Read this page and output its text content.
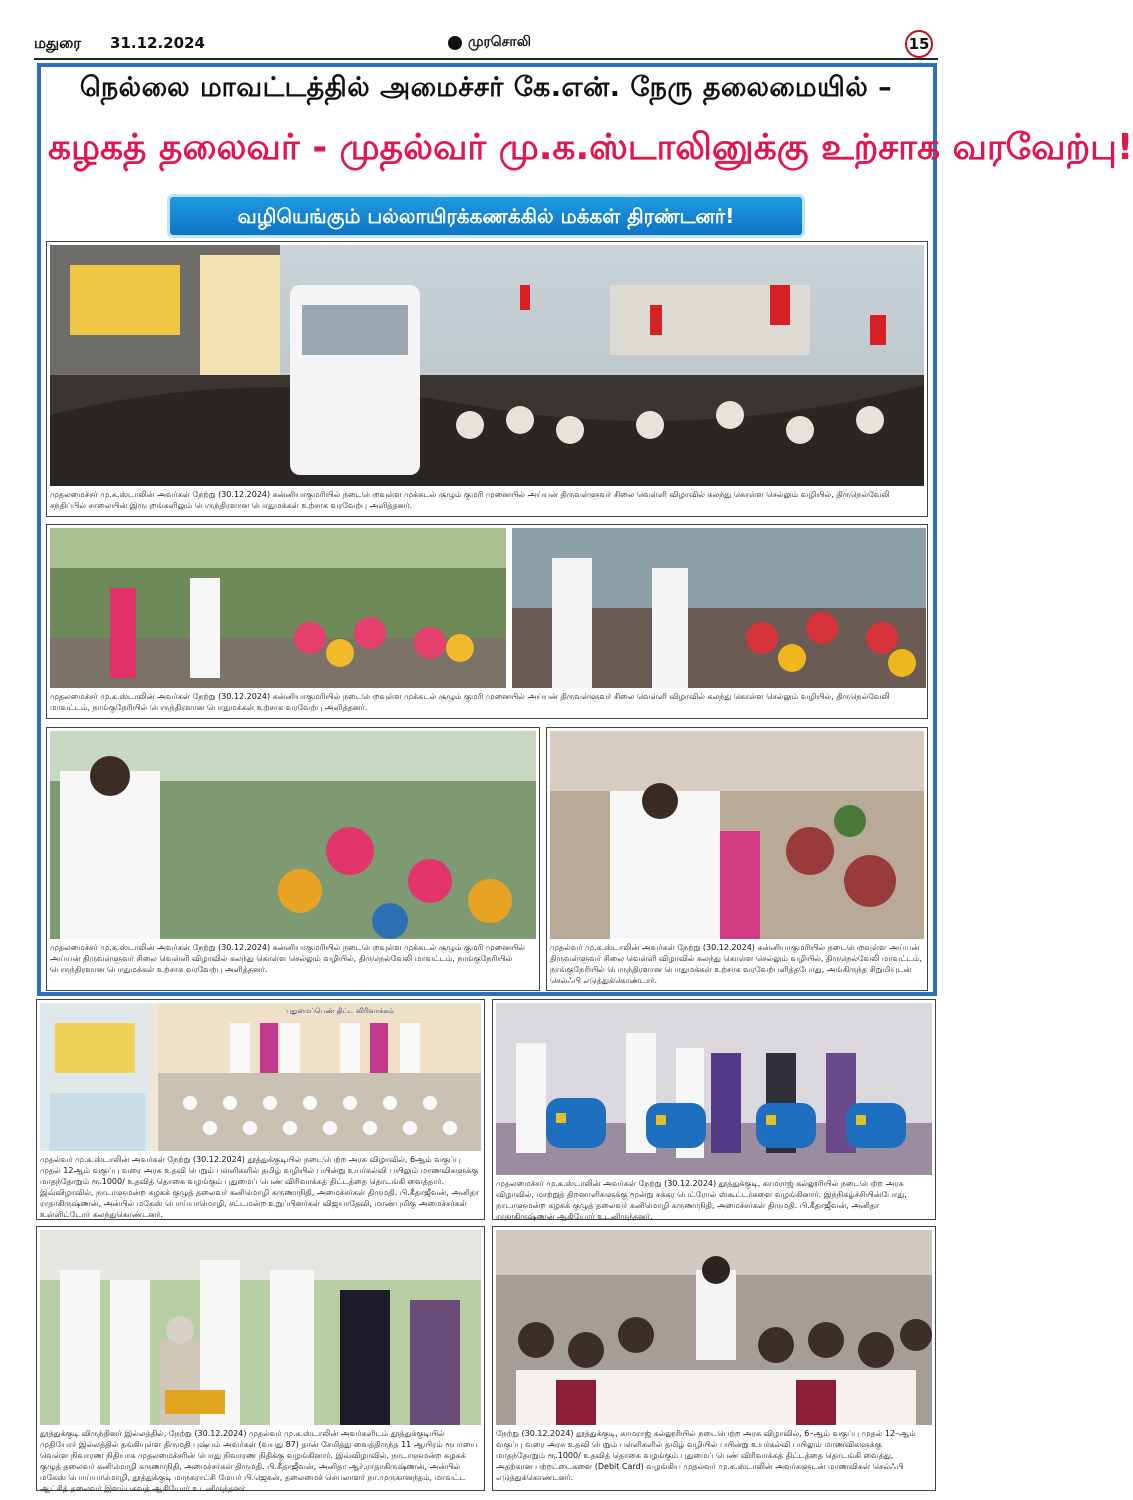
மதுரை 31.12.2024	முரசொலி	15
நெல்லை மாவட்டத்தில் அமைச்சர் கே.என். நேரு தலைமையில் –
கழகத் தலைவர் - முதல்வர் மு.க.ஸ்டாலினுக்கு உற்சாக வரவேற்பு!
வழியெங்கும் பல்லாயிரக்கணக்கில் மக்கள் திரண்டனர்!
முதலமைச்சர் மு.க.ஸ்டாலின் அவர்கள் நேற்று (30.12.2024) கன்னியாகுமரியில் நடைபெறவுள்ள முக்கடல் சூழும் குமரி முனையில் அய்யன் திருவள்ளுவர் சிலை வெள்ளி விழாவில் கலந்து கொள்ள செல்லும் வழியில், திருநெல்வேலி சந்திப்பில் சாலையின் இருபுறங்களிலும் பெருந்திரளான பொதுமக்கள் உற்சாக வரவேற்பு அளித்தனர்.
முதலமைச்சர் மு.க.ஸ்டாலின் அவர்கள் நேற்று (30.12.2024) கன்னியாகுமரியில் நடைபெறவுள்ள முக்கடல் சூழும் குமரி முனையில் அய்யன் திருவள்ளுவர் சிலை வெள்ளி விழாவில் கலந்து கொள்ள செல்லும் வழியில், திருநெல்வேலி மாவட்டம், நாங்குநேரியில் பெருந்திரளான பொதுமக்கள் உற்சாக வரவேற்பு அளித்தனர்.
முதலமைச்சர் மு.க.ஸ்டாலின் அவர்கள் நேற்று (30.12.2024) கன்னியாகுமரியில் நடைபெறவுள்ள முக்கடல் சூழும் குமரி முனையில் அய்யன் திருவள்ளுவர் சிலை வெள்ளி விழாவில் கலந்து கொள்ள செல்லும் வழியில், திருநெல்வேலி மாவட்டம், நாங்குநேரியில் பெருந்திரளான பொதுமக்கள் உற்சாக வரவேற்பு அளித்தனர்.
முதல்வர் மு.க.ஸ்டாலின் அவர்கள் நேற்று (30.12.2024) கன்னியாகுமரியில் நடைபெறவுள்ள அய்யன் திருவள்ளுவர் சிலை வெள்ளி விழாவில் கலந்து கொள்ள செல்லும் வழியில், திருநெல்வேலி மாவட்டம், நாங்குநேரியில் பெருந்திரளான பொதுமக்கள் உற்சாக வரவேற்பளித்தபோது, அங்கிருந்த சிறுமியுடன் செல்ஃபி எடுத்துக்கொண்டார்.
புதுமைப்பெண் திட்ட விரிவாக்கம்
முதல்வர் மு.க.ஸ்டாலின் அவர்கள் நேற்று (30.12.2024) தூத்துக்குடியில் நடைபெற்ற அரசு விழாவில், 6ஆம் வகுப்பு முதல் 12ஆம் வகுப்பு வரை அரசு உதவி பெறும் பள்ளிகளில் தமிழ் வழியில் பயின்று உயர்கல்வி பயிலும் மாணவிகளுக்கு மாதந்தோறும் ரூ.1000/ உதவித் தொகை வழங்கும் புதுமைப் பெண் விரிவாக்கத் திட்டத்தை தொடங்கி வைத்தார். இவ்விழாவில், நாடாளுமன்ற கழகக் குழுத் தலைவர் கனிமொழி கருணாநிதி, அமைச்சர்கள் திருமதி. பி.கீதாஜீவன், அனிதா ராதாகிருஷ்ணன், அன்பில் மகேஸ் பொய்யாமொழி, சட்டமன்ற உறுப்பினர்கள் விஜயாதேவி, மாண்புமிகு அமைச்சர்கள் உள்ளிட்டோர் கலந்துகொண்டனர்.
முதலமைச்சர் மு.க.ஸ்டாலின் அவர்கள் நேற்று (30.12.2024) தூத்துக்குடி, காமராஜ் கல்லூரியில் நடைபெற்ற அரசு விழாவில், மாற்றுத் திறனாளிகளுக்கு மூன்று சக்கர பெட்ரோல் ஸ்கூட்டர்களை வழங்கினார். இந்நிகழ்ச்சியின்போது, நாடாளுமன்ற கழகக் குழுத் தலைவர் கனிமொழி கருணாநிதி, அமைச்சர்கள் திருமதி. பி.கீதாஜீவன், அனிதா ராதாகிருஷ்ணன் ஆகியோர் உடனிருந்தனர்.
தூத்துக்குடி விருந்தினர் இல்லத்தில், நேற்று (30.12.2024) முதல்வர் மு.க.ஸ்டாலின் அவர்களிடம் தூத்துக்குடியில் முதியோர் இல்லத்தில் தங்கியுள்ள திருமதி புஷ்பம் அவர்கள் (வயது 87) தான் சேமித்து வைத்திருந்த 11 ஆயிரம் ரூபாயை வெள்ள நிவாரண நிதியாக முதலமைச்சரின் பொது நிவாரண நிதிக்கு வழங்கினார். இவ்விழாவில், நாடாளுமன்ற கழகக் குழுத் தலைவர் கனிமொழி கருணாநிதி, அமைச்சர்கள் திருமதி. பி.கீதாஜீவன், அனிதா ஆர்.ராதாகிருஷ்ணன், அன்பில் மகேஸ் பொய்யாமொழி, தூத்துக்குடி மாநகராட்சி மேயர் பி.ஜெகன், தலைமைச் செயலாளர் நா.முருகானந்தம், மாவட்ட ஆட்சித் தலைவர் இளம்பகவத் ஆகியோர் உடனிருந்தனர்.
நேற்று (30.12.2024) தூத்துக்குடி, காமராஜ் கல்லூரியில் நடைபெற்ற அரசு விழாவில், 6–ஆம் வகுப்பு முதல் 12–ஆம் வகுப்பு வரை அரசு உதவி பெறும் பள்ளிகளில் தமிழ் வழியில் பயின்று உயர்கல்வி பயிலும் மாணவிகளுக்கு மாதந்தோறும் ரூ.1000/ உதவித் தொகை வழங்கும் புதுமைப் பெண் விரிவாக்கத் திட்டத்தை தொடங்கி வைத்து, அதற்கான பற்றட்டைகளை (Debit Card) வழங்கிய முதல்வர் மு.க.ஸ்டாலின் அவர்களுடன் மாணவிகள் செல்ஃபி எடுத்துக்கொண்டனர்.
